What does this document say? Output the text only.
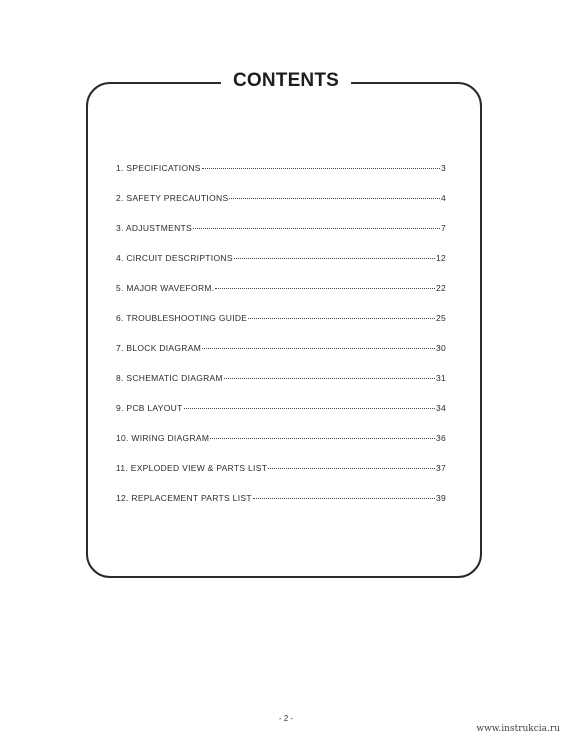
CONTENTS
1. SPECIFICATIONS	3
2. SAFETY PRECAUTIONS	4
3. ADJUSTMENTS	7
4. CIRCUIT DESCRIPTIONS	12
5. MAJOR WAVEFORM.	22
6. TROUBLESHOOTING GUIDE	25
7. BLOCK DIAGRAM	30
8. SCHEMATIC DIAGRAM	31
9. PCB LAYOUT	34
10. WIRING DIAGRAM	36
11. EXPLODED VIEW & PARTS LIST	37
12. REPLACEMENT PARTS LIST	39
- 2 -
www.instrukcia.ru
